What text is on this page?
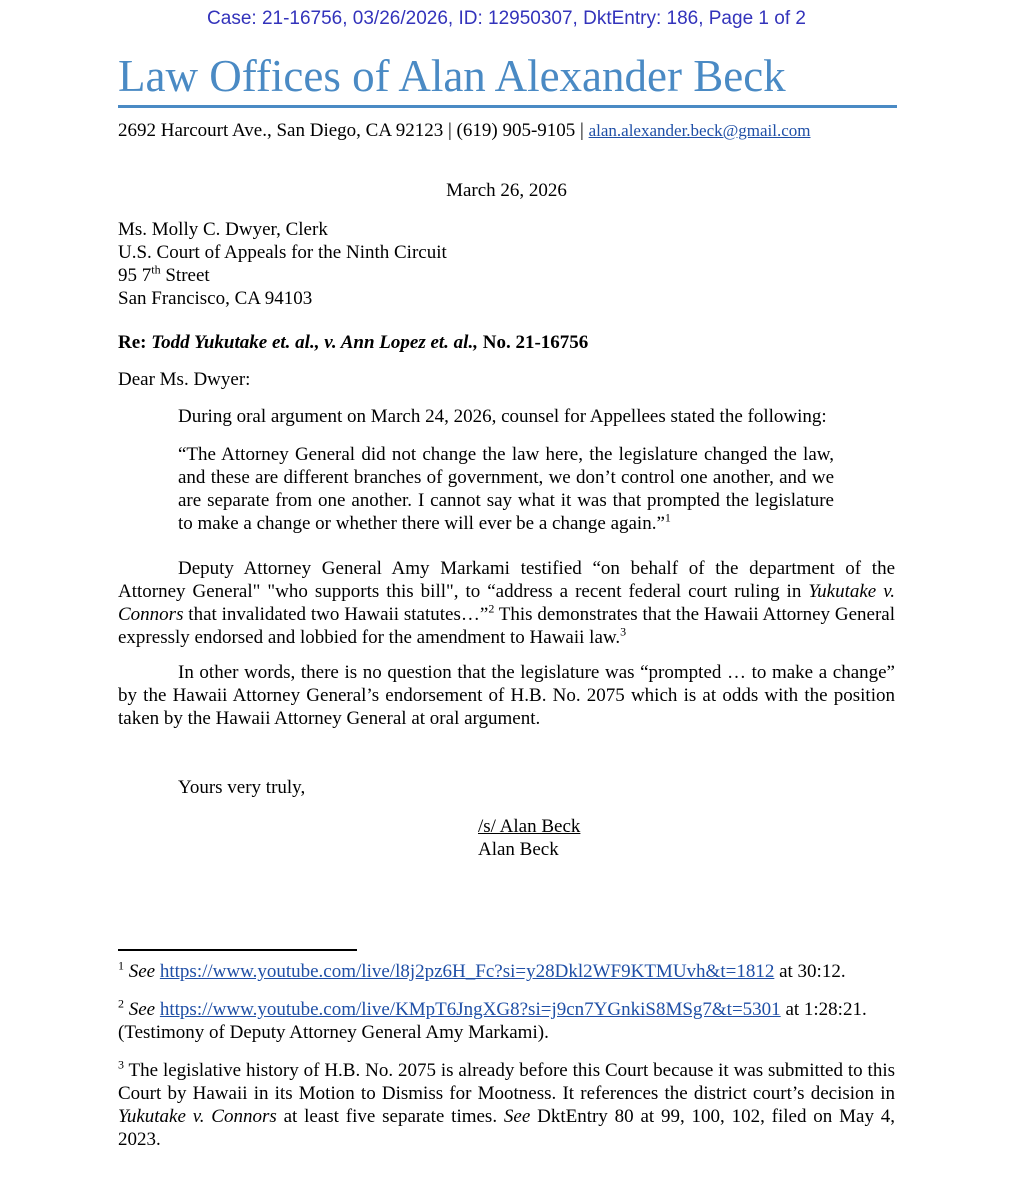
Case: 21-16756, 03/26/2026, ID: 12950307, DktEntry: 186, Page 1 of 2
Law Offices of Alan Alexander Beck
2692 Harcourt Ave., San Diego, CA 92123 | (619) 905-9105 | alan.alexander.beck@gmail.com
March 26, 2026
Ms. Molly C. Dwyer, Clerk
U.S. Court of Appeals for the Ninth Circuit
95 7th Street
San Francisco, CA 94103
Re: Todd Yukutake et. al., v. Ann Lopez et. al., No. 21-16756
Dear Ms. Dwyer:
During oral argument on March 24, 2026, counsel for Appellees stated the following:
“The Attorney General did not change the law here, the legislature changed the law, and these are different branches of government, we don’t control one another, and we are separate from one another. I cannot say what it was that prompted the legislature to make a change or whether there will ever be a change again.”$^1$
Deputy Attorney General Amy Markami testified “on behalf of the department of the Attorney General" "who supports this bill", to “address a recent federal court ruling in Yukutake v. Connors that invalidated two Hawaii statutes…”$^2$ This demonstrates that the Hawaii Attorney General expressly endorsed and lobbied for the amendment to Hawaii law.$^3$
In other words, there is no question that the legislature was “prompted … to make a change” by the Hawaii Attorney General’s endorsement of H.B. No. 2075 which is at odds with the position taken by the Hawaii Attorney General at oral argument.
Yours very truly,
/s/ Alan Beck
Alan Beck
$^1$ See https://www.youtube.com/live/l8j2pz6H_Fc?si=y28Dkl2WF9KTMUvh&t=1812 at 30:12.
$^2$ See https://www.youtube.com/live/KMpT6JngXG8?si=j9cn7YGnkiS8MSg7&t=5301 at 1:28:21. (Testimony of Deputy Attorney General Amy Markami).
$^3$ The legislative history of H.B. No. 2075 is already before this Court because it was submitted to this Court by Hawaii in its Motion to Dismiss for Mootness. It references the district court’s decision in Yukutake v. Connors at least five separate times. See DktEntry 80 at 99, 100, 102, filed on May 4, 2023.
